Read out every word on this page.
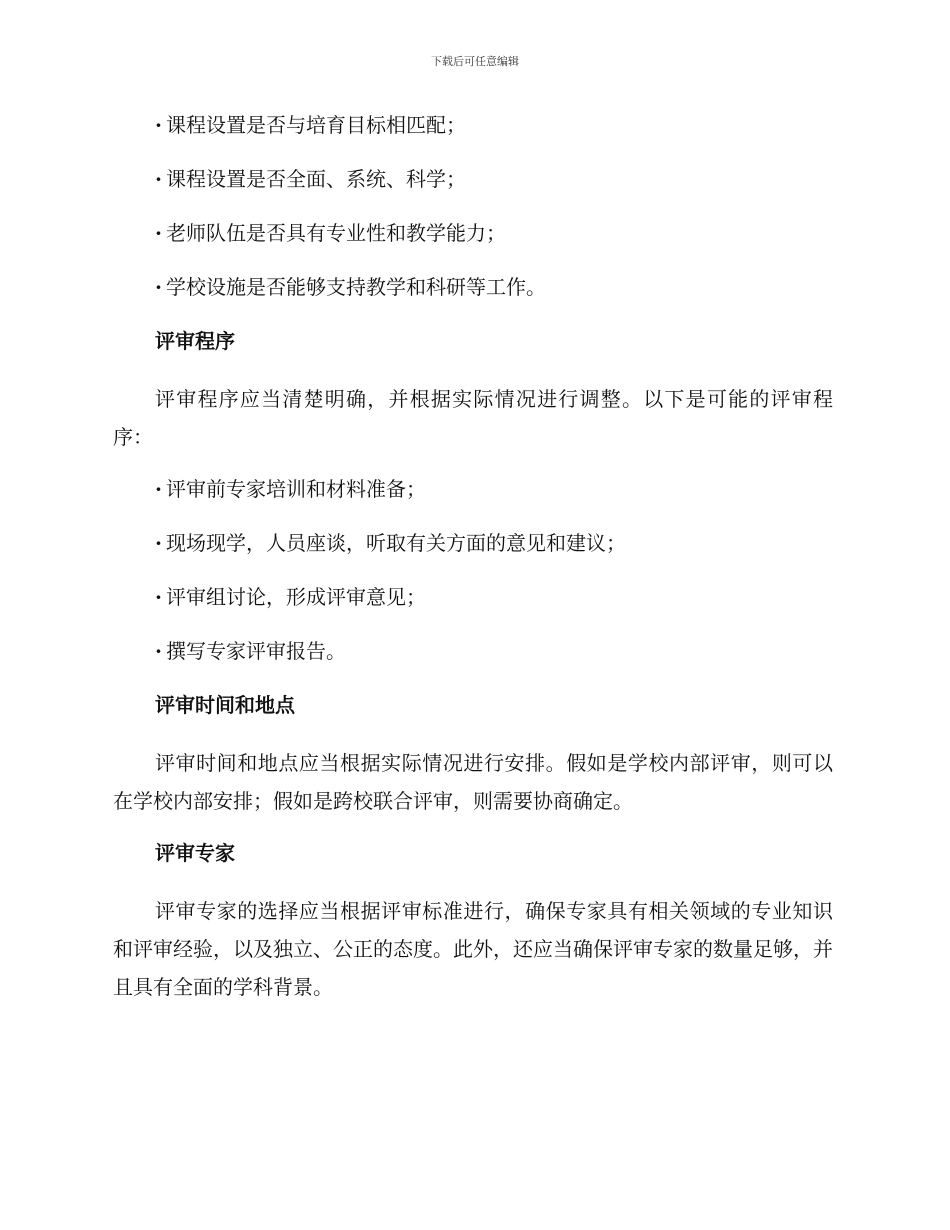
下载后可任意编辑
· 课程设置是否与培育目标相匹配；
· 课程设置是否全面、系统、科学；
· 老师队伍是否具有专业性和教学能力；
· 学校设施是否能够支持教学和科研等工作。
评审程序
评审程序应当清楚明确，并根据实际情况进行调整。以下是可能的评审程序：
· 评审前专家培训和材料准备；
· 现场现学，人员座谈，听取有关方面的意见和建议；
· 评审组讨论，形成评审意见；
· 撰写专家评审报告。
评审时间和地点
评审时间和地点应当根据实际情况进行安排。假如是学校内部评审，则可以在学校内部安排；假如是跨校联合评审，则需要协商确定。
评审专家
评审专家的选择应当根据评审标准进行，确保专家具有相关领域的专业知识和评审经验，以及独立、公正的态度。此外，还应当确保评审专家的数量足够，并且具有全面的学科背景。
